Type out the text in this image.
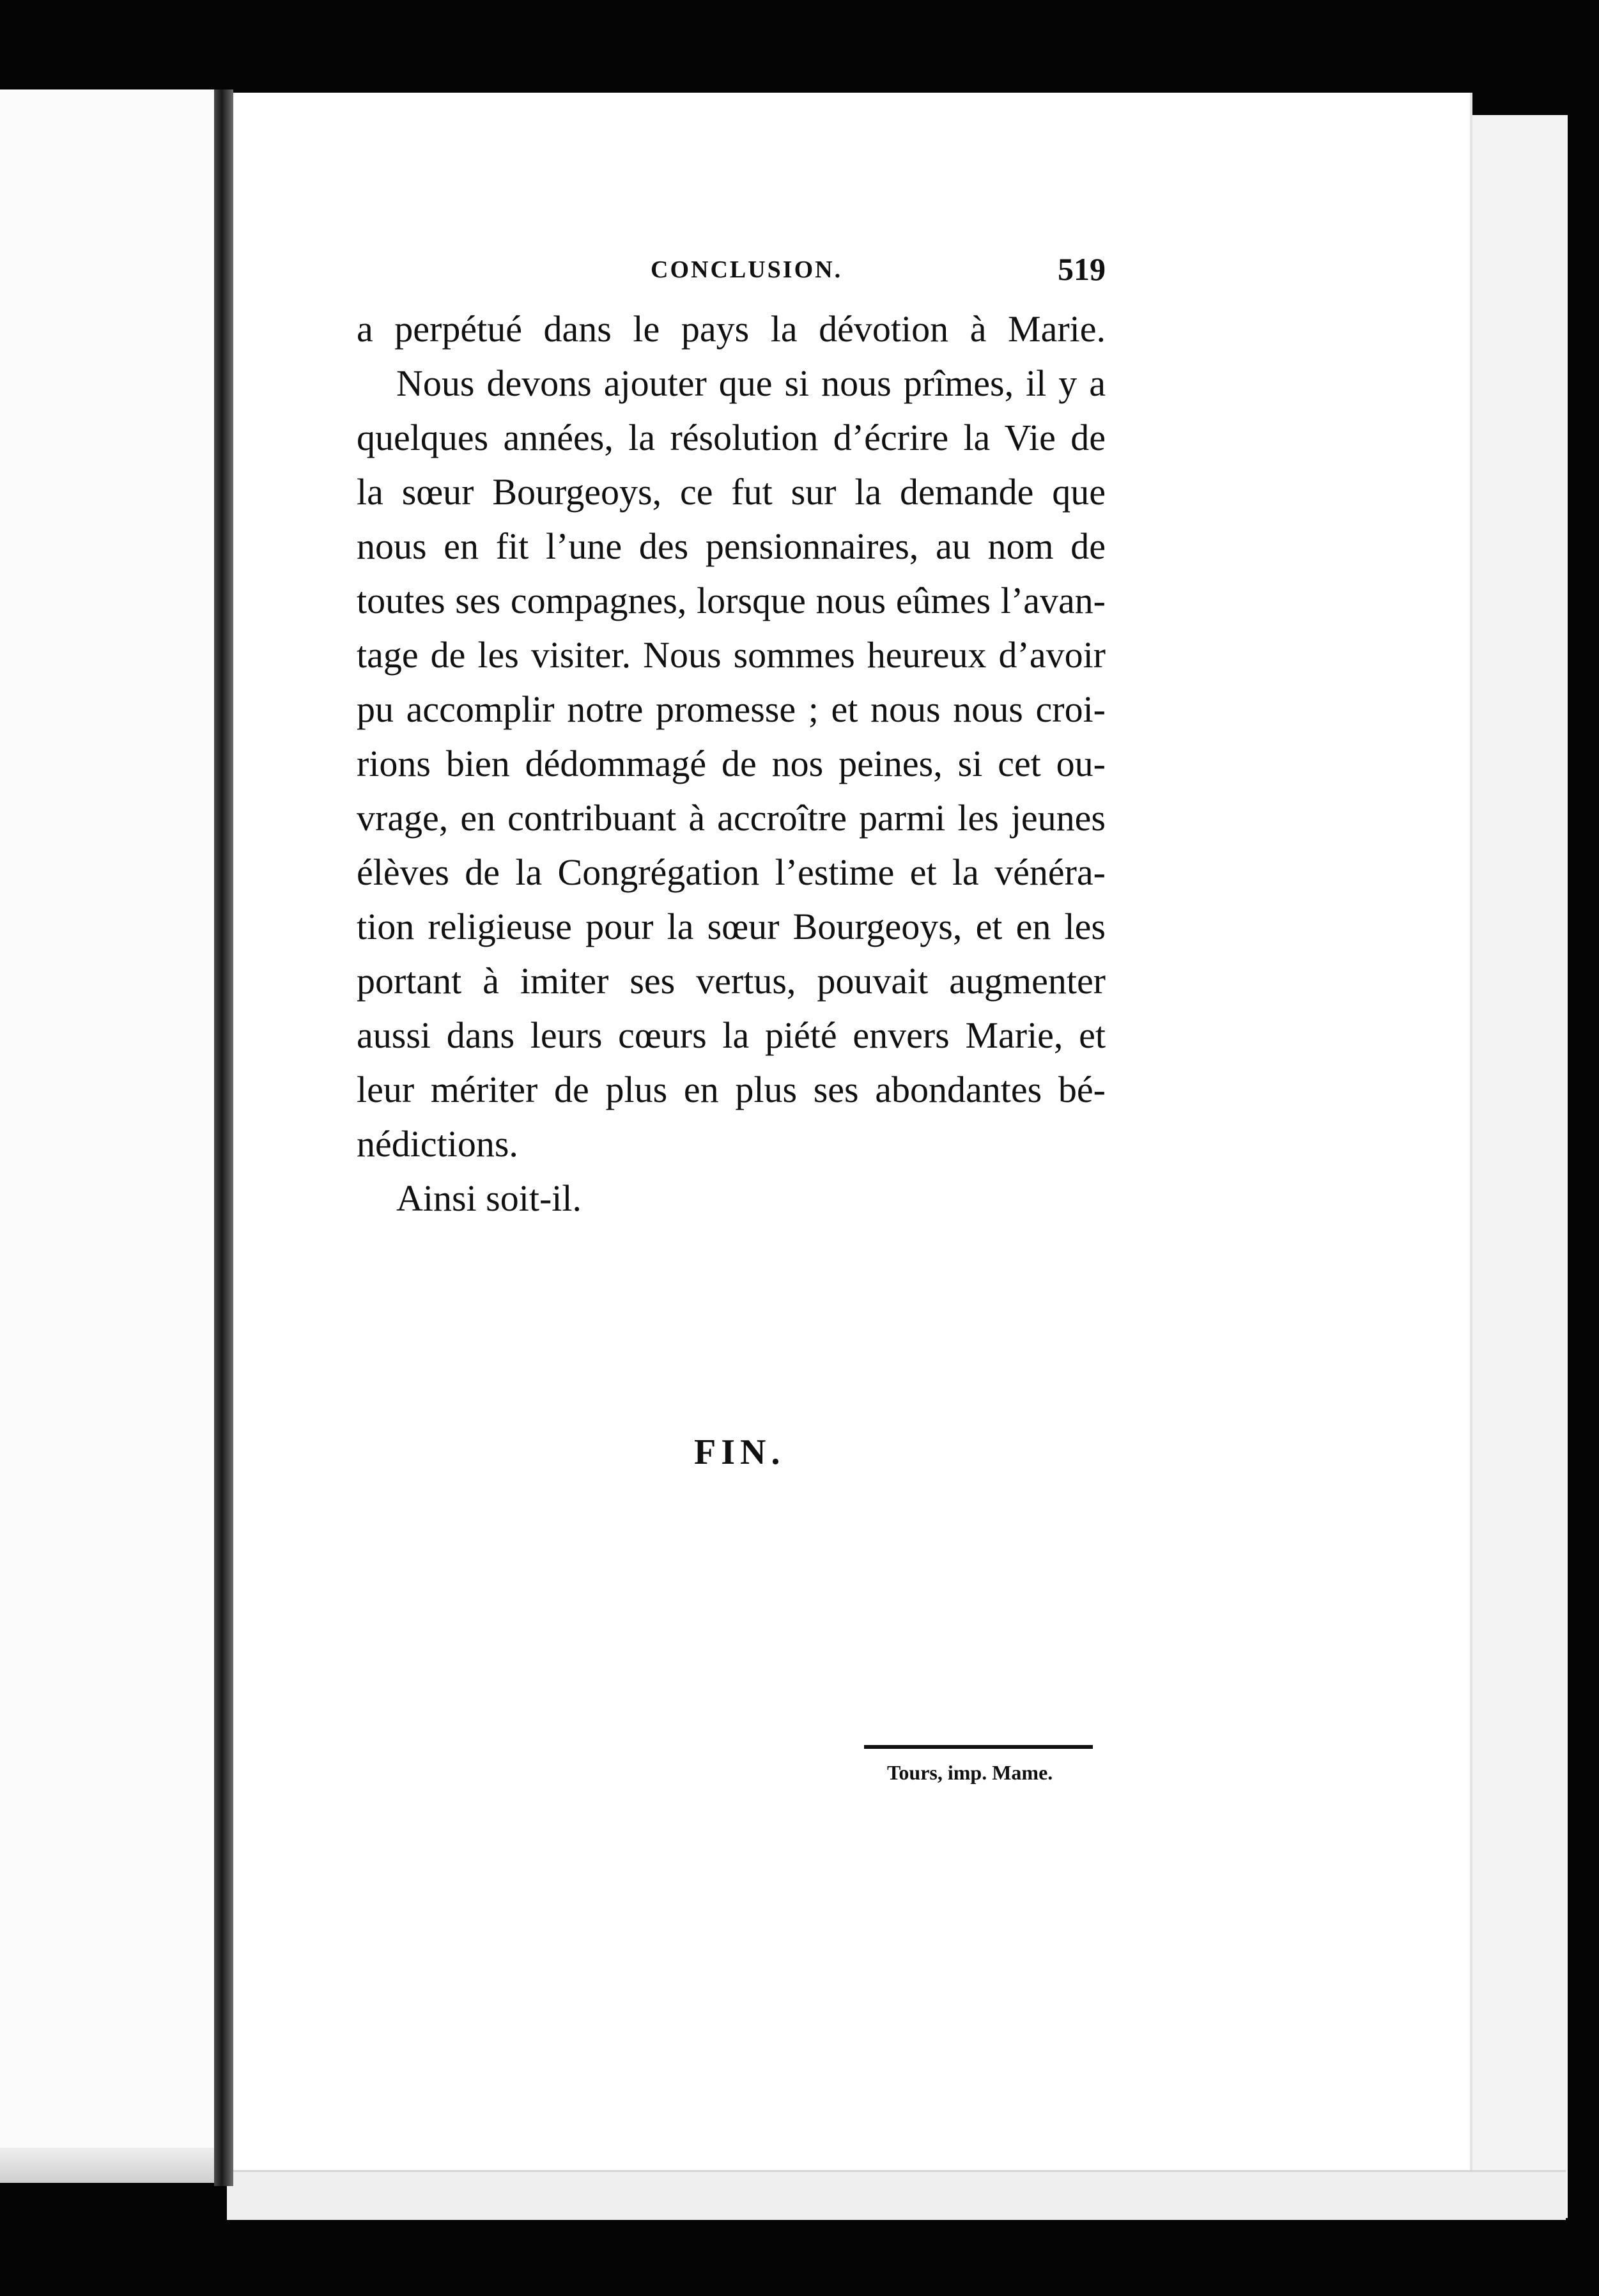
CONCLUSION.	519
a perpétué dans le pays la dévotion à Marie.
Nous devons ajouter que si nous prîmes, il y a
quelques années, la résolution d’écrire la Vie de
la sœur Bourgeoys, ce fut sur la demande que
nous en fit l’une des pensionnaires, au nom de
toutes ses compagnes, lorsque nous eûmes l’avan-
tage de les visiter. Nous sommes heureux d’avoir
pu accomplir notre promesse ; et nous nous croi-
rions bien dédommagé de nos peines, si cet ou-
vrage, en contribuant à accroître parmi les jeunes
élèves de la Congrégation l’estime et la vénéra-
tion religieuse pour la sœur Bourgeoys, et en les
portant à imiter ses vertus, pouvait augmenter
aussi dans leurs cœurs la piété envers Marie, et
leur mériter de plus en plus ses abondantes bé-
nédictions.
Ainsi soit-il.
FIN.
Tours, imp. Mame.
